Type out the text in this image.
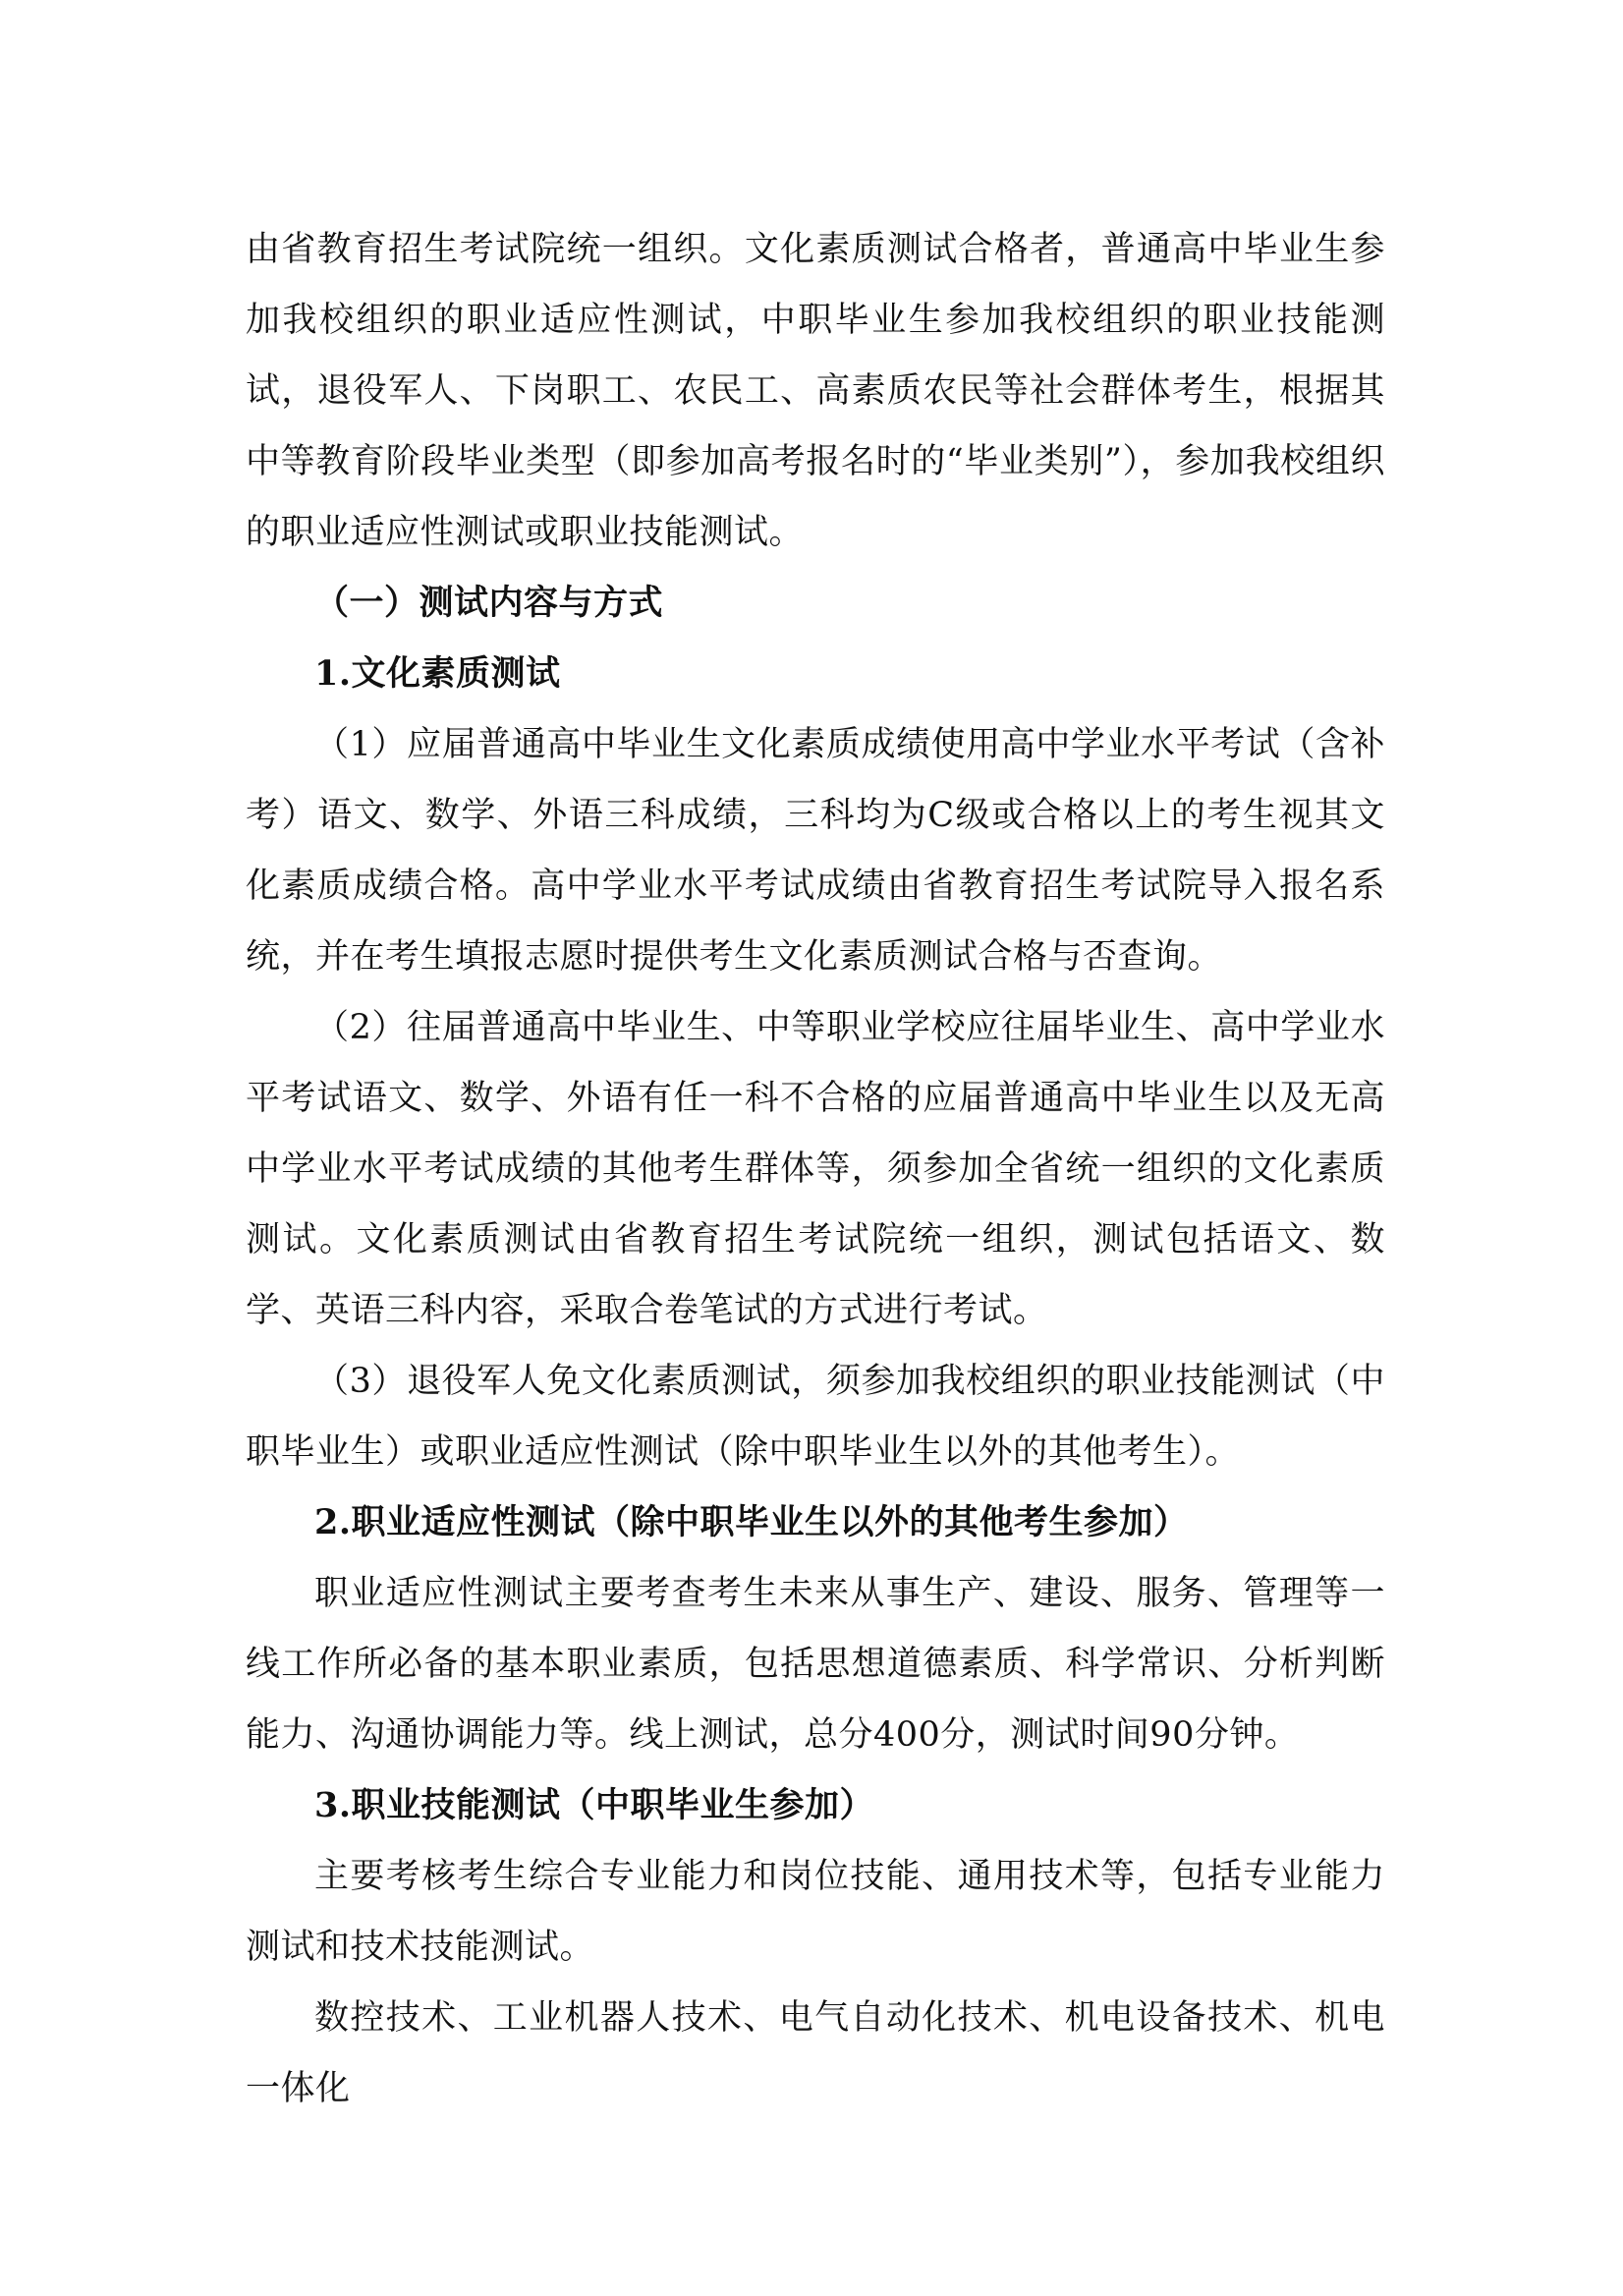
由省教育招生考试院统一组织。文化素质测试合格者，普通高中毕业生参加我校组织的职业适应性测试，中职毕业生参加我校组织的职业技能测试，退役军人、下岗职工、农民工、高素质农民等社会群体考生，根据其中等教育阶段毕业类型（即参加高考报名时的“毕业类别”），参加我校组织的职业适应性测试或职业技能测试。

（一）测试内容与方式

1.文化素质测试

（1）应届普通高中毕业生文化素质成绩使用高中学业水平考试（含补考）语文、数学、外语三科成绩，三科均为C级或合格以上的考生视其文化素质成绩合格。高中学业水平考试成绩由省教育招生考试院导入报名系统，并在考生填报志愿时提供考生文化素质测试合格与否查询。

（2）往届普通高中毕业生、中等职业学校应往届毕业生、高中学业水平考试语文、数学、外语有任一科不合格的应届普通高中毕业生以及无高中学业水平考试成绩的其他考生群体等，须参加全省统一组织的文化素质测试。文化素质测试由省教育招生考试院统一组织，测试包括语文、数学、英语三科内容，采取合卷笔试的方式进行考试。

（3）退役军人免文化素质测试，须参加我校组织的职业技能测试（中职毕业生）或职业适应性测试（除中职毕业生以外的其他考生）。

2.职业适应性测试（除中职毕业生以外的其他考生参加）

职业适应性测试主要考查考生未来从事生产、建设、服务、管理等一线工作所必备的基本职业素质，包括思想道德素质、科学常识、分析判断能力、沟通协调能力等。线上测试，总分400分，测试时间90分钟。

3.职业技能测试（中职毕业生参加）

主要考核考生综合专业能力和岗位技能、通用技术等，包括专业能力测试和技术技能测试。

数控技术、工业机器人技术、电气自动化技术、机电设备技术、机电一体化
